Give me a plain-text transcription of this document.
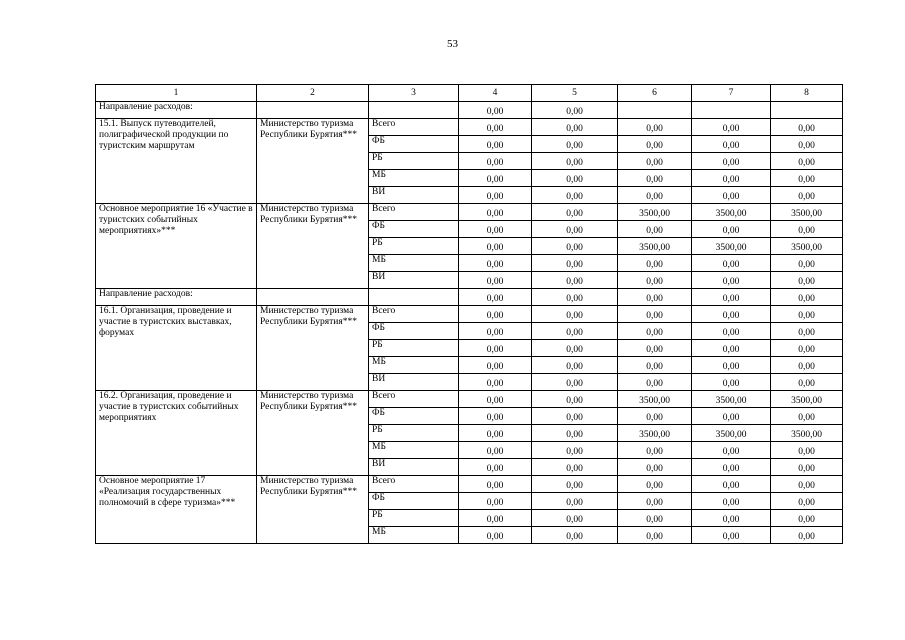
53
1	2	3	4	5	6	7	8
Направление расходов:			0,00	0,00			
15.1. Выпуск путеводителей, полиграфической продукции по туристским маршрутам	Министерство туризма Республики Бурятия***	Всего	0,00	0,00	0,00	0,00	0,00
		ФБ	0,00	0,00	0,00	0,00	0,00
		РБ	0,00	0,00	0,00	0,00	0,00
		МБ	0,00	0,00	0,00	0,00	0,00
		ВИ	0,00	0,00	0,00	0,00	0,00
Основное мероприятие 16 «Участие в туристских событийных мероприятиях»***	Министерство туризма Республики Бурятия***	Всего	0,00	0,00	3500,00	3500,00	3500,00
		ФБ	0,00	0,00	0,00	0,00	0,00
		РБ	0,00	0,00	3500,00	3500,00	3500,00
		МБ	0,00	0,00	0,00	0,00	0,00
		ВИ	0,00	0,00	0,00	0,00	0,00
Направление расходов:			0,00	0,00	0,00	0,00	0,00
16.1. Организация, проведение и участие в туристских выставках, форумах	Министерство туризма Республики Бурятия***	Всего	0,00	0,00	0,00	0,00	0,00
		ФБ	0,00	0,00	0,00	0,00	0,00
		РБ	0,00	0,00	0,00	0,00	0,00
		МБ	0,00	0,00	0,00	0,00	0,00
		ВИ	0,00	0,00	0,00	0,00	0,00
16.2. Организация, проведение и участие в туристских событийных мероприятиях	Министерство туризма Республики Бурятия***	Всего	0,00	0,00	3500,00	3500,00	3500,00
		ФБ	0,00	0,00	0,00	0,00	0,00
		РБ	0,00	0,00	3500,00	3500,00	3500,00
		МБ	0,00	0,00	0,00	0,00	0,00
		ВИ	0,00	0,00	0,00	0,00	0,00
Основное мероприятие 17 «Реализация государственных полномочий в сфере туризма»***	Министерство туризма Республики Бурятия***	Всего	0,00	0,00	0,00	0,00	0,00
		ФБ	0,00	0,00	0,00	0,00	0,00
		РБ	0,00	0,00	0,00	0,00	0,00
		МБ	0,00	0,00	0,00	0,00	0,00
